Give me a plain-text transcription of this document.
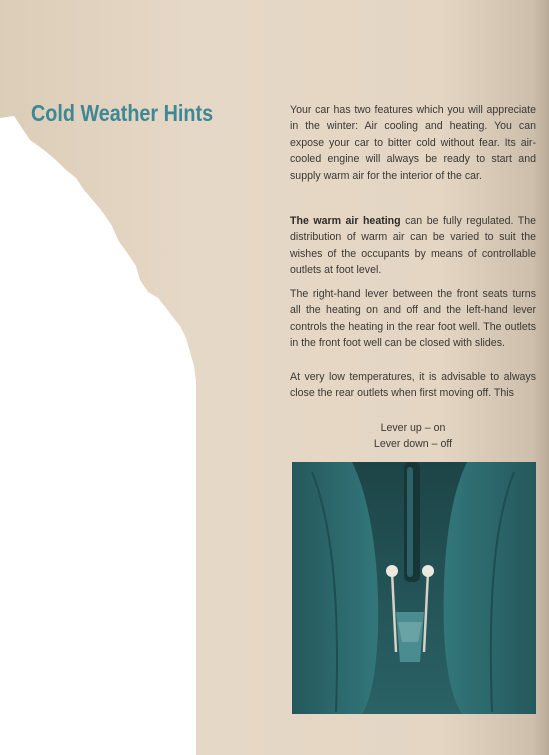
Cold Weather Hints	Your car has two features which you will appreciate in the winter: Air cooling and heating. You can expose your car to bitter cold without fear. Its air-cooled engine will always be ready to start and supply warm air for the interior of the car.

The warm air heating can be fully regulated. The distribution of warm air can be varied to suit the wishes of the occupants by means of controllable outlets at foot level.

The right-hand lever between the front seats turns all the heating on and off and the left-hand lever controls the heating in the rear foot well. The outlets in the front foot well can be closed with slides.

At very low temperatures, it is advisable to always close the rear outlets when first moving off. This

Lever up – on
Lever down – off
